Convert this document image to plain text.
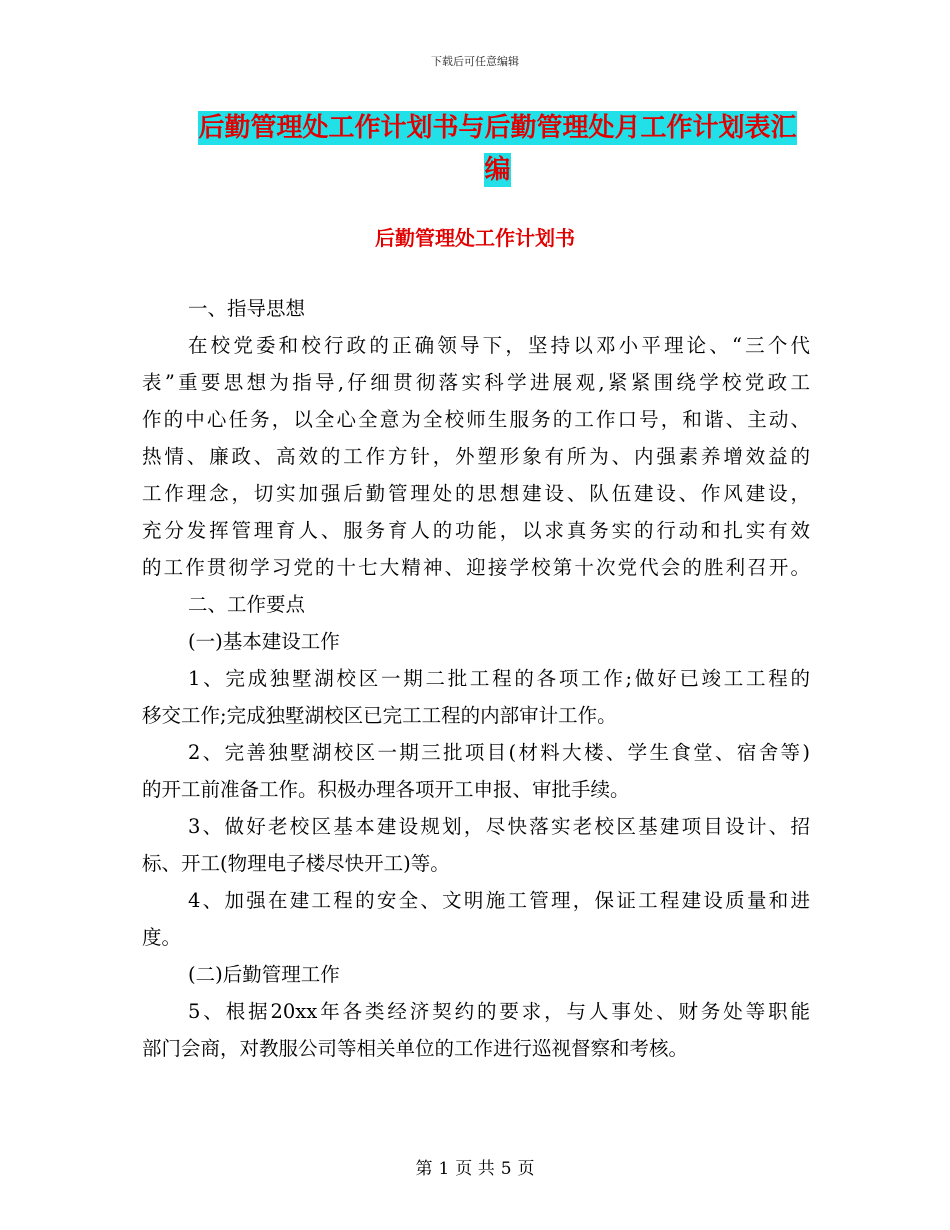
下载后可任意编辑
后勤管理处工作计划书与后勤管理处月工作计划表汇
编
后勤管理处工作计划书
一、指导思想
在校党委和校行政的正确领导下，坚持以邓小平理论、“三个代
表”重要思想为指导,仔细贯彻落实科学进展观,紧紧围绕学校党政工
作的中心任务，以全心全意为全校师生服务的工作口号，和谐、主动、
热情、廉政、高效的工作方针，外塑形象有所为、内强素养增效益的
工作理念，切实加强后勤管理处的思想建设、队伍建设、作风建设，
充分发挥管理育人、服务育人的功能，以求真务实的行动和扎实有效
的工作贯彻学习党的十七大精神、迎接学校第十次党代会的胜利召开。
二、工作要点
(一)基本建设工作
1、完成独墅湖校区一期二批工程的各项工作;做好已竣工工程的
移交工作;完成独墅湖校区已完工工程的内部审计工作。
2、完善独墅湖校区一期三批项目(材料大楼、学生食堂、宿舍等)
的开工前准备工作。积极办理各项开工申报、审批手续。
3、做好老校区基本建设规划，尽快落实老校区基建项目设计、招
标、开工(物理电子楼尽快开工)等。
4、加强在建工程的安全、文明施工管理，保证工程建设质量和进
度。
(二)后勤管理工作
5、根据20xx年各类经济契约的要求，与人事处、财务处等职能
部门会商，对教服公司等相关单位的工作进行巡视督察和考核。
第 1 页 共 5 页
